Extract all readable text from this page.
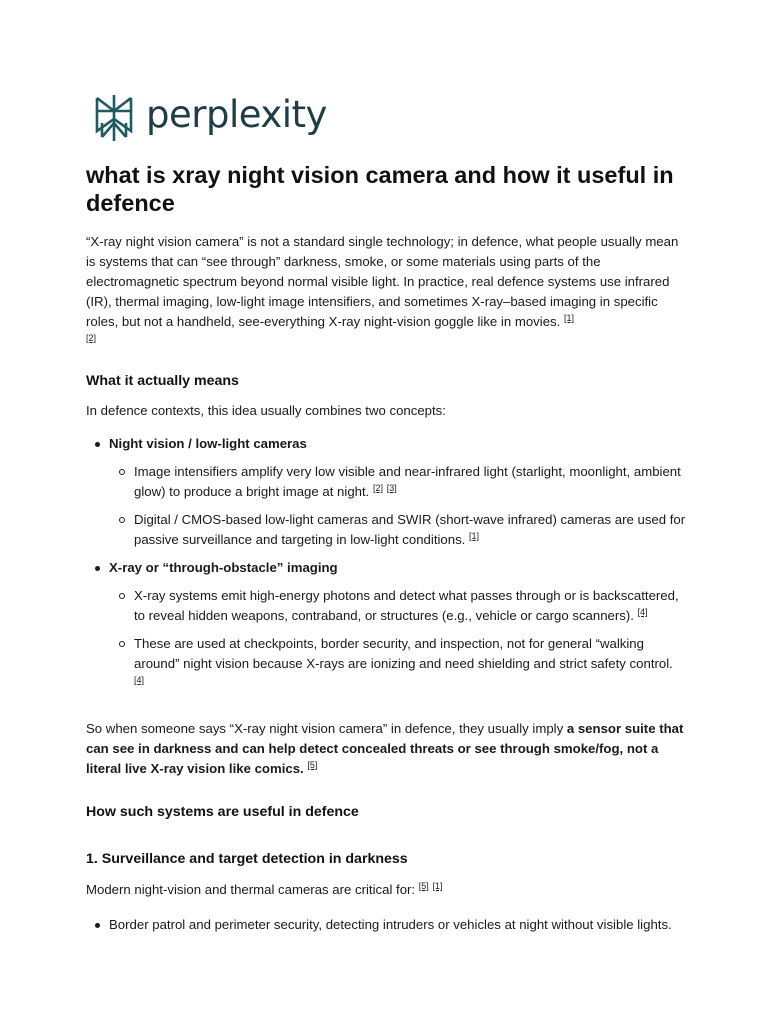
perplexity
what is xray night vision camera and how it useful in defence

“X-ray night vision camera” is not a standard single technology; in defence, what people usually mean is systems that can “see through” darkness, smoke, or some materials using parts of the electromagnetic spectrum beyond normal visible light. In practice, real defence systems use infrared (IR), thermal imaging, low-light image intensifiers, and sometimes X-ray–based imaging in specific roles, but not a handheld, see-everything X-ray night-vision goggle like in movies. [1]
[2]

What it actually means

In defence contexts, this idea usually combines two concepts:

Night vision / low-light cameras
Image intensifiers amplify very low visible and near-infrared light (starlight, moonlight, ambient glow) to produce a bright image at night. [2] [3]
Digital / CMOS-based low-light cameras and SWIR (short-wave infrared) cameras are used for passive surveillance and targeting in low-light conditions. [1]
X-ray or “through-obstacle” imaging
X-ray systems emit high-energy photons and detect what passes through or is backscattered, to reveal hidden weapons, contraband, or structures (e.g., vehicle or cargo scanners). [4]
These are used at checkpoints, border security, and inspection, not for general “walking around” night vision because X-rays are ionizing and need shielding and strict safety control. [4]

So when someone says “X-ray night vision camera” in defence, they usually imply a sensor suite that can see in darkness and can help detect concealed threats or see through smoke/fog, not a literal live X-ray vision like comics. [5]

How such systems are useful in defence
1. Surveillance and target detection in darkness

Modern night-vision and thermal cameras are critical for: [5] [1]

Border patrol and perimeter security, detecting intruders or vehicles at night without visible lights.
